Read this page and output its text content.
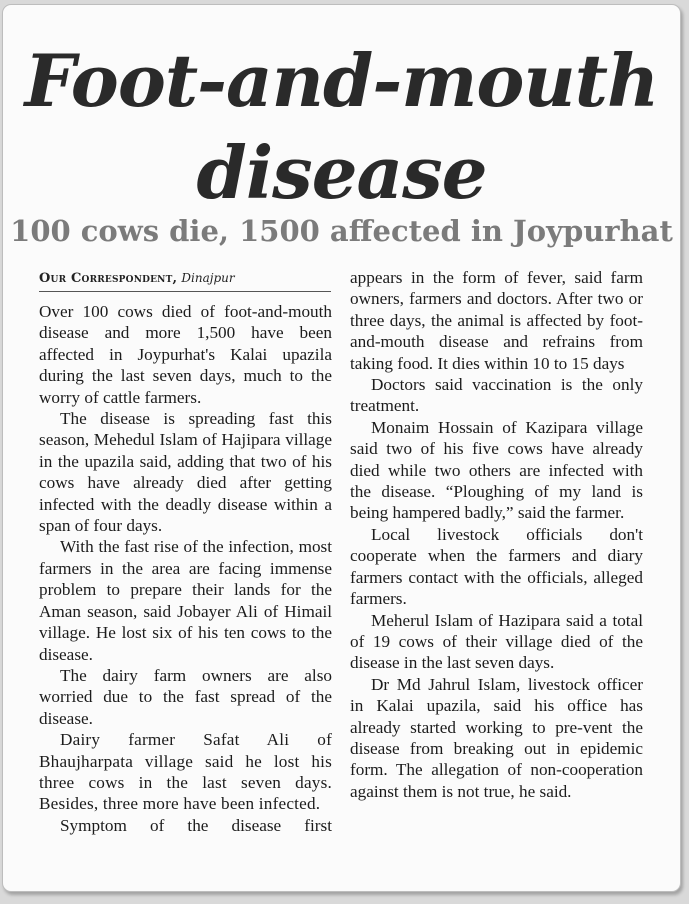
Foot-and-mouth
disease
100 cows die, 1500 affected in Joypurhat
Our Correspondent, Dinajpur

Over 100 cows died of foot-and-mouth disease and more 1,500 have been affected in Joypurhat's Kalai upazila during the last seven days, much to the worry of cattle farmers.

The disease is spreading fast this season, Mehedul Islam of Hajipara village in the upazila said, adding that two of his cows have already died after getting infected with the deadly disease within a span of four days.

With the fast rise of the infection, most farmers in the area are facing immense problem to prepare their lands for the Aman season, said Jobayer Ali of Himail village. He lost six of his ten cows to the disease.

The dairy farm owners are also worried due to the fast spread of the disease.

Dairy farmer Safat Ali of Bhaujharpata village said he lost his three cows in the last seven days. Besides, three more have been infected.

Symptom of the disease first

appears in the form of fever, said farm owners, farmers and doctors. After two or three days, the animal is affected by foot-and-mouth disease and refrains from taking food. It dies within 10 to 15 days

Doctors said vaccination is the only treatment.

Monaim Hossain of Kazipara village said two of his five cows have already died while two others are infected with the disease. “Ploughing of my land is being hampered badly,” said the farmer.

Local livestock officials don't cooperate when the farmers and diary farmers contact with the officials, alleged farmers.

Meherul Islam of Hazipara said a total of 19 cows of their village died of the disease in the last seven days.

Dr Md Jahrul Islam, livestock officer in Kalai upazila, said his office has already started working to pre-vent the disease from breaking out in epidemic form. The allegation of non-cooperation against them is not true, he said.
